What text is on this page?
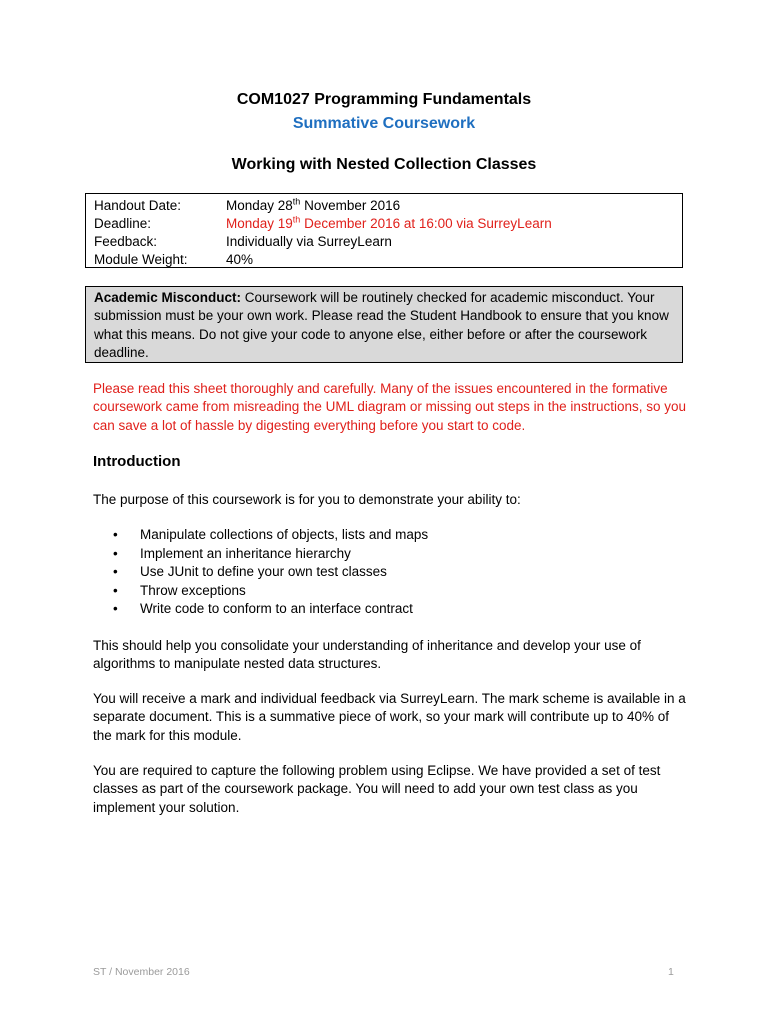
COM1027 Programming Fundamentals
Summative Coursework
Working with Nested Collection Classes
Handout Date:	Monday 28th November 2016
Deadline:	Monday 19th December 2016 at 16:00 via SurreyLearn
Feedback:	Individually via SurreyLearn
Module Weight:	40%
Academic Misconduct: Coursework will be routinely checked for academic misconduct. Your submission must be your own work. Please read the Student Handbook to ensure that you know what this means. Do not give your code to anyone else, either before or after the coursework deadline.
Please read this sheet thoroughly and carefully. Many of the issues encountered in the formative coursework came from misreading the UML diagram or missing out steps in the instructions, so you can save a lot of hassle by digesting everything before you start to code.
Introduction
The purpose of this coursework is for you to demonstrate your ability to:
• Manipulate collections of objects, lists and maps
• Implement an inheritance hierarchy
• Use JUnit to define your own test classes
• Throw exceptions
• Write code to conform to an interface contract
This should help you consolidate your understanding of inheritance and develop your use of algorithms to manipulate nested data structures.
You will receive a mark and individual feedback via SurreyLearn. The mark scheme is available in a separate document. This is a summative piece of work, so your mark will contribute up to 40% of the mark for this module.
You are required to capture the following problem using Eclipse. We have provided a set of test classes as part of the coursework package. You will need to add your own test class as you implement your solution.
ST / November 2016	1
